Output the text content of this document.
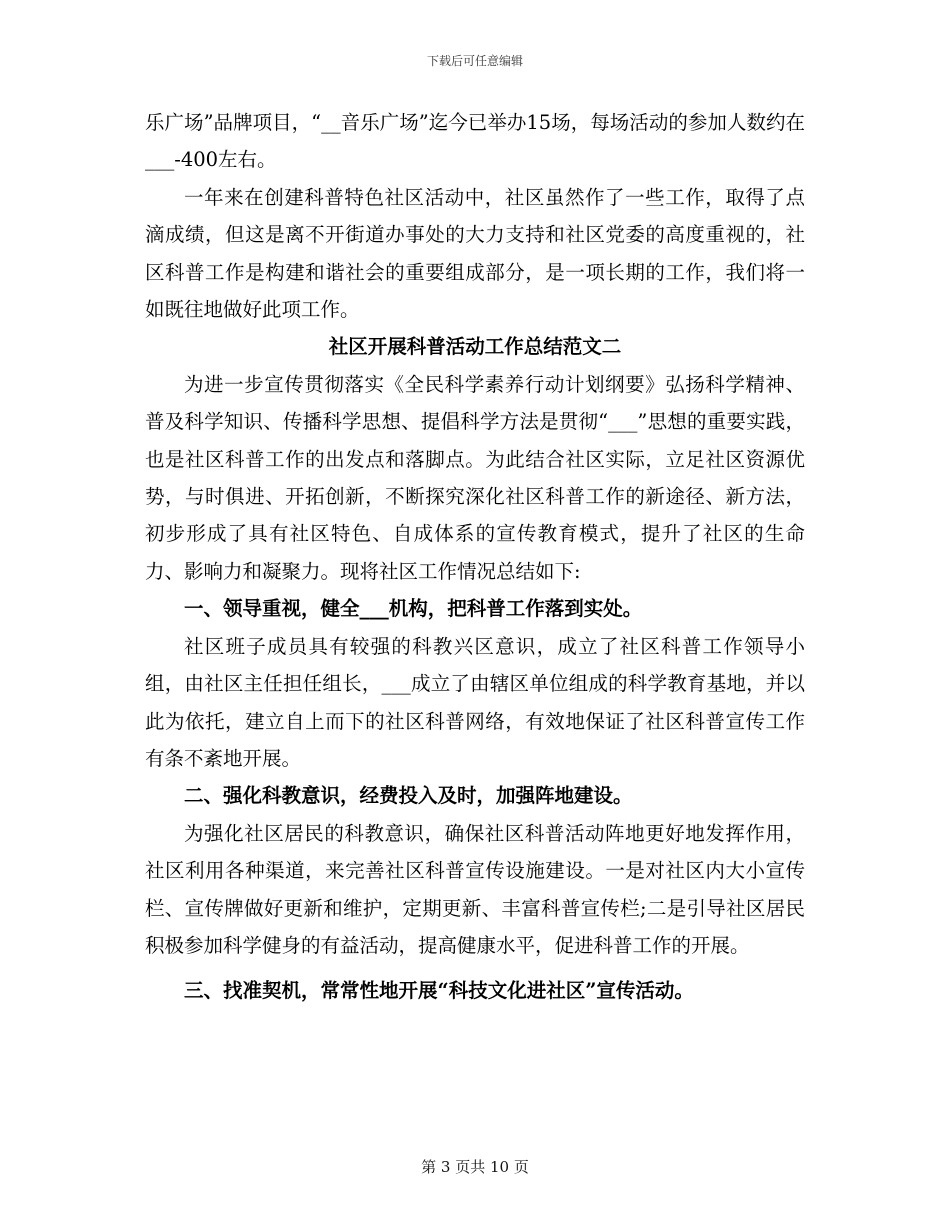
下载后可任意编辑

乐广场”品牌项目，“__音乐广场”迄今已举办15场，每场活动的参加人数约在___-400左右。

一年来在创建科普特色社区活动中，社区虽然作了一些工作，取得了点滴成绩，但这是离不开街道办事处的大力支持和社区党委的高度重视的，社区科普工作是构建和谐社会的重要组成部分，是一项长期的工作，我们将一如既往地做好此项工作。

社区开展科普活动工作总结范文二

为进一步宣传贯彻落实《全民科学素养行动计划纲要》弘扬科学精神、普及科学知识、传播科学思想、提倡科学方法是贯彻“___”思想的重要实践，也是社区科普工作的出发点和落脚点。为此结合社区实际，立足社区资源优势，与时俱进、开拓创新，不断探究深化社区科普工作的新途径、新方法，初步形成了具有社区特色、自成体系的宣传教育模式，提升了社区的生命力、影响力和凝聚力。现将社区工作情况总结如下:

一、领导重视，健全___机构，把科普工作落到实处。

社区班子成员具有较强的科教兴区意识，成立了社区科普工作领导小组，由社区主任担任组长，___成立了由辖区单位组成的科学教育基地，并以此为依托，建立自上而下的社区科普网络，有效地保证了社区科普宣传工作有条不紊地开展。

二、强化科教意识，经费投入及时，加强阵地建设。

为强化社区居民的科教意识，确保社区科普活动阵地更好地发挥作用，社区利用各种渠道，来完善社区科普宣传设施建设。一是对社区内大小宣传栏、宣传牌做好更新和维护，定期更新、丰富科普宣传栏;二是引导社区居民积极参加科学健身的有益活动，提高健康水平，促进科普工作的开展。

三、找准契机，常常性地开展“科技文化进社区”宣传活动。

第 3 页共 10 页
